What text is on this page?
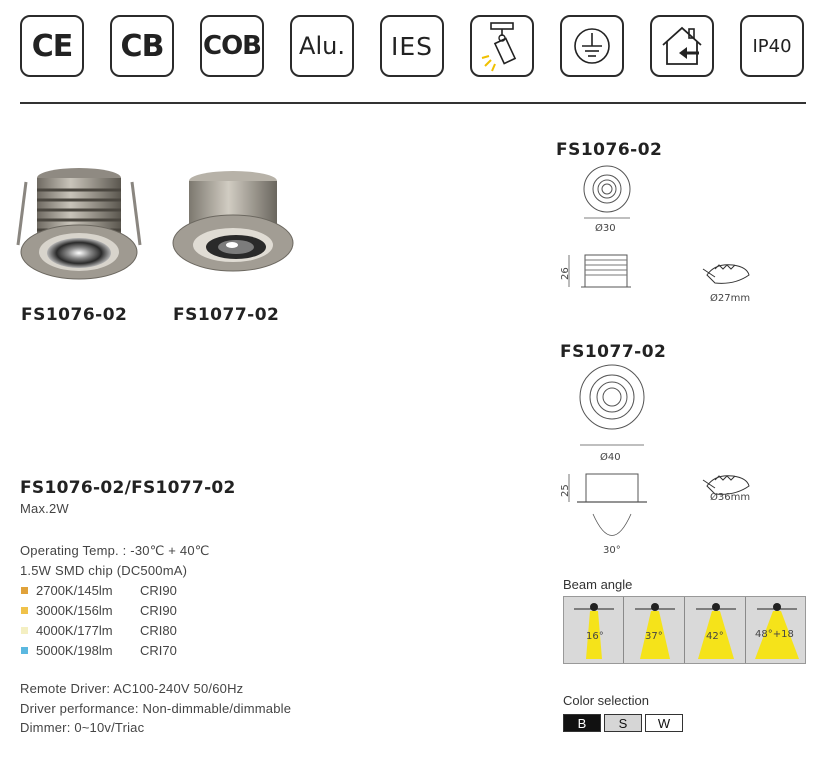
CE CB COB Alu. IES	IP40
FS1076-02	FS1077-02
FS1076-02/FS1077-02
Max.2W
Operating Temp. : -30℃ + 40℃
1.5W SMD chip (DC500mA)
2700K/145lm CRI90
3000K/156lm CRI90
4000K/177lm CRI80
5000K/198lm CRI70
Remote Driver: AC100-240V 50/60Hz
Driver performance: Non-dimmable/dimmable
Dimmer: 0~10v/Triac
FS1076-02
Ø30
26
Ø27mm
FS1077-02
Ø40
25
30°
Ø36mm
Beam angle
16°	37°	42°	48°+18
Color selection
B	S	W
